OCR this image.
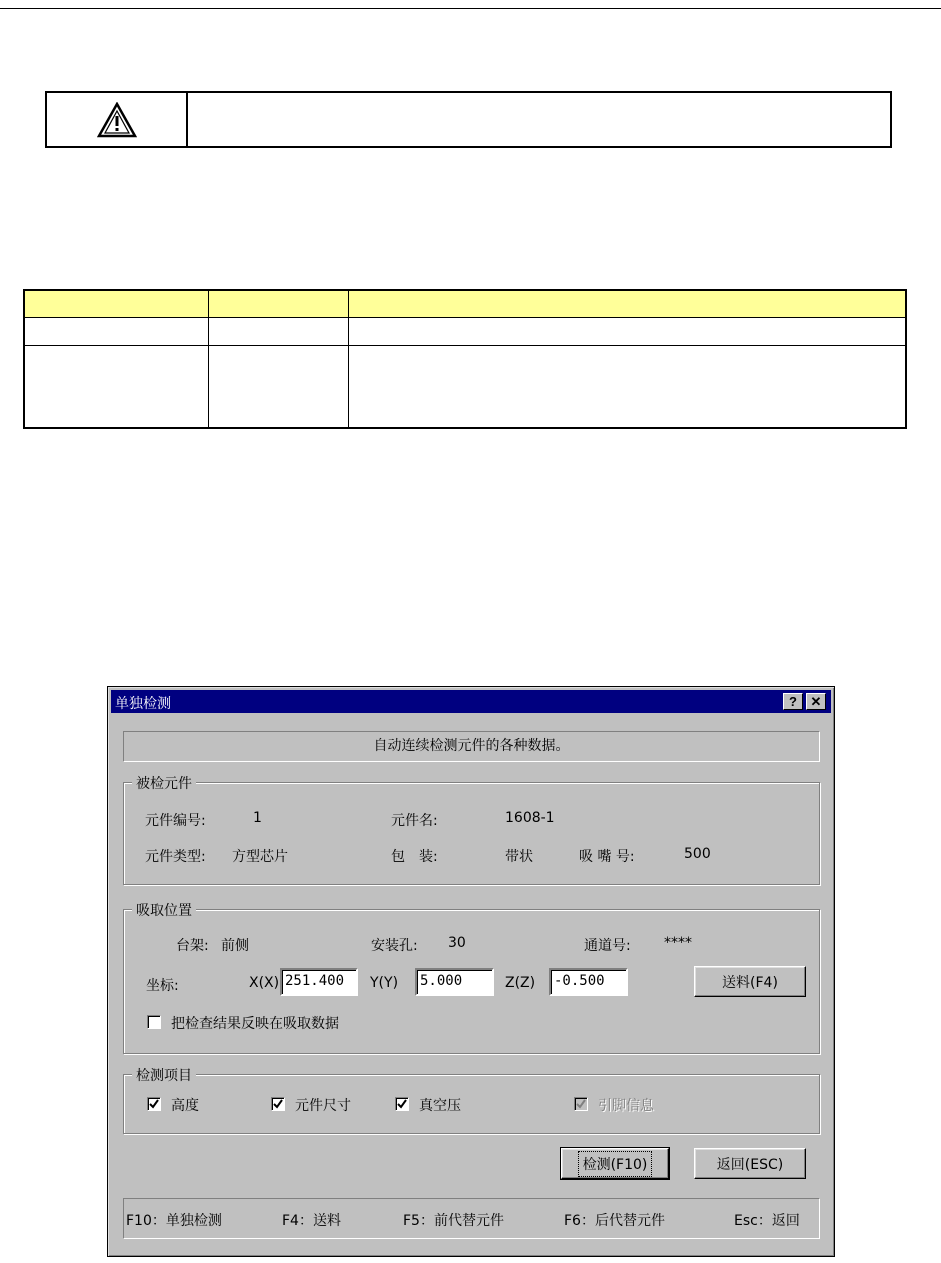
单独检测	? ✕
自动连续检测元件的各种数据。
被检元件
元件编号:	1	元件名:	1608-1
元件类型: 方型芯片	包　装:	带状	吸 嘴 号:	500
吸取位置
台架: 前侧	安装孔: 30	通道号: ****
坐标:	X(X) 251.400	Y(Y)	5.000	Z(Z)	-0.500	送料(F4)
把检查结果反映在吸取数据
检测项目
高度	元件尺寸	真空压	引脚信息
检测(F10)	返回(ESC)
F10：单独检测	F4：送料	F5：前代替元件	F6：后代替元件	Esc：返回
